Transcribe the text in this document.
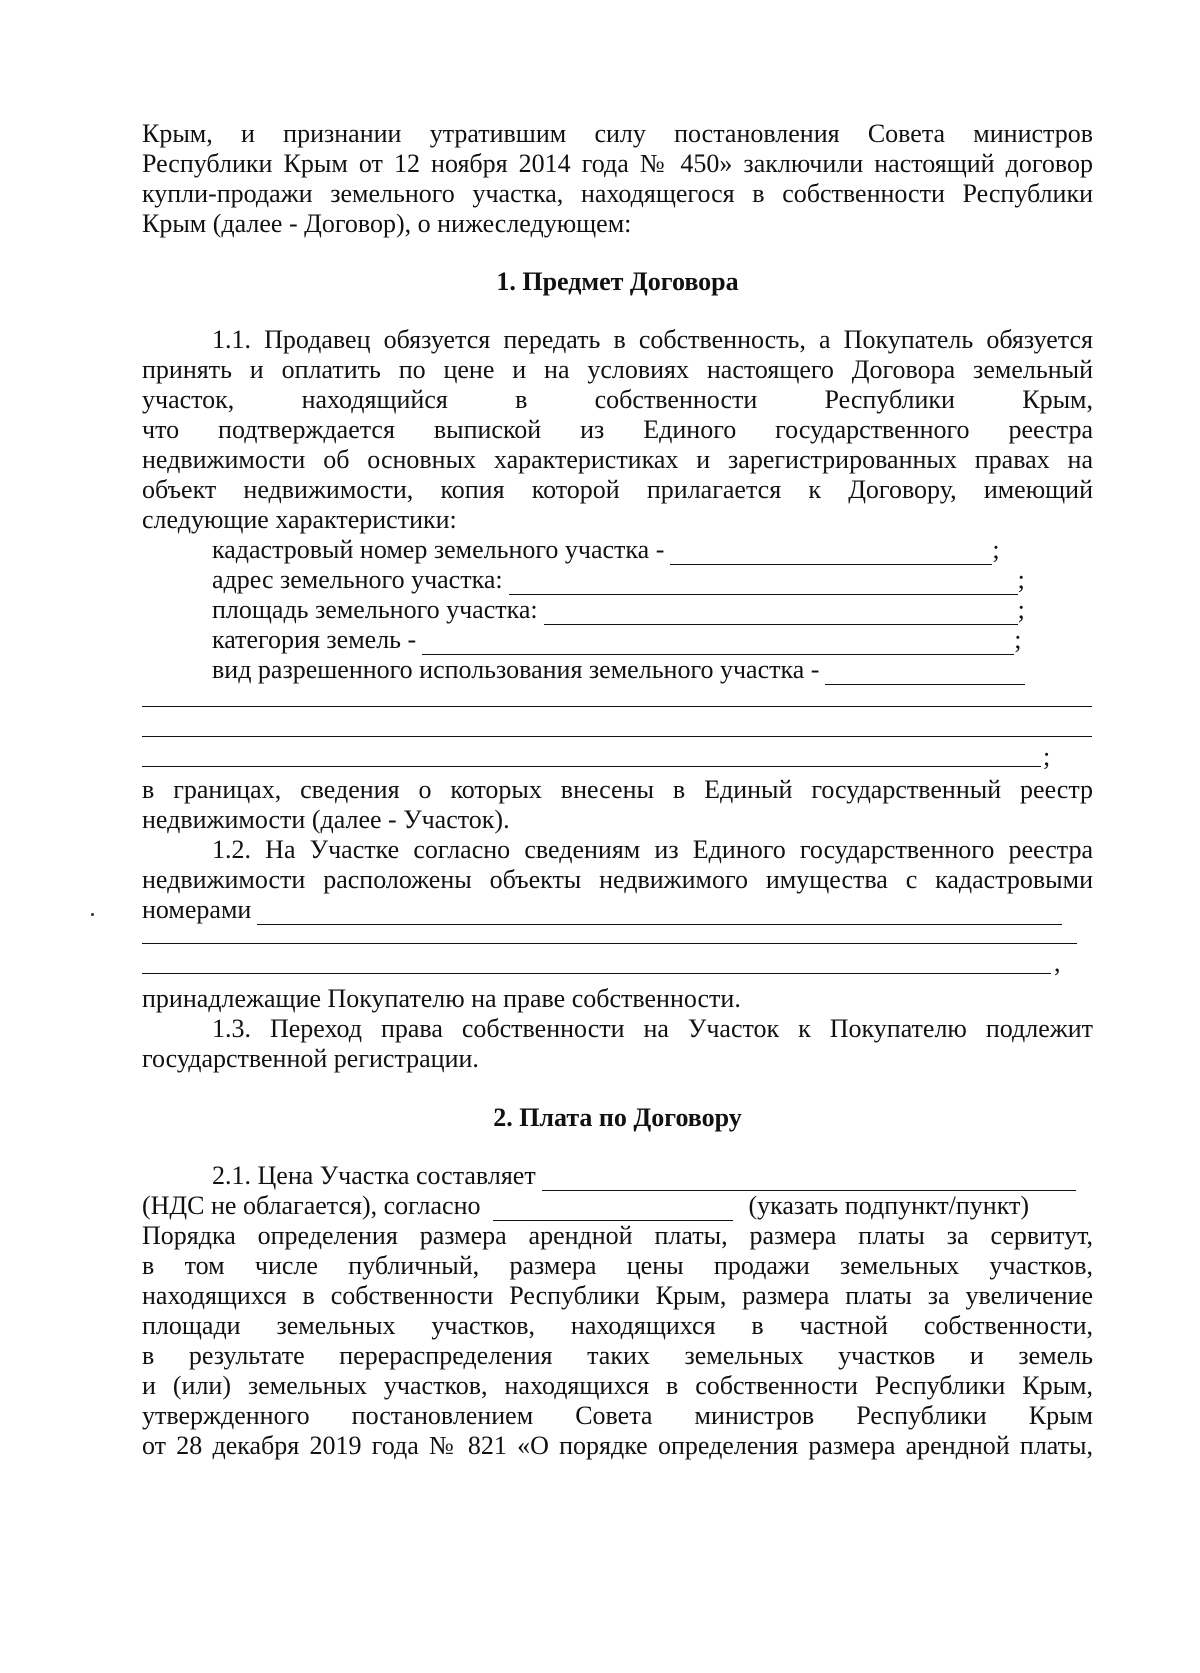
Крым, и признании утратившим силу постановления Совета министров
Республики Крым от 12 ноября 2014 года № 450» заключили настоящий договор
купли-продажи земельного участка, находящегося в собственности Республики
Крым (далее - Договор), о нижеследующем:
1. Предмет Договора
1.1. Продавец обязуется передать в собственность, а Покупатель обязуется
принять и оплатить по цене и на условиях настоящего Договора земельный
участок, находящийся в собственности Республики Крым,
что подтверждается выпиской из Единого государственного реестра
недвижимости об основных характеристиках и зарегистрированных правах на
объект недвижимости, копия которой прилагается к Договору, имеющий
следующие характеристики:
кадастровый номер земельного участка -	;
адрес земельного участка:	;
площадь земельного участка:	;
категория земель -	;
вид разрешенного использования земельного участка -
;
в границах, сведения о которых внесены в Единый государственный реестр
недвижимости (далее - Участок).
1.2. На Участке согласно сведениям из Единого государственного реестра
недвижимости расположены объекты недвижимого имущества с кадастровыми
номерами
,
принадлежащие Покупателю на праве собственности.
1.3. Переход права собственности на Участок к Покупателю подлежит
государственной регистрации.
2. Плата по Договору
2.1. Цена Участка составляет
(НДС не облагается), согласно	(указать подпункт/пункт)
Порядка определения размера арендной платы, размера платы за сервитут,
в том числе публичный, размера цены продажи земельных участков,
находящихся в собственности Республики Крым, размера платы за увеличение
площади земельных участков, находящихся в частной собственности,
в результате перераспределения таких земельных участков и земель
и (или) земельных участков, находящихся в собственности Республики Крым,
утвержденного постановлением Совета министров Республики Крым
от 28 декабря 2019 года № 821 «О порядке определения размера арендной платы,
